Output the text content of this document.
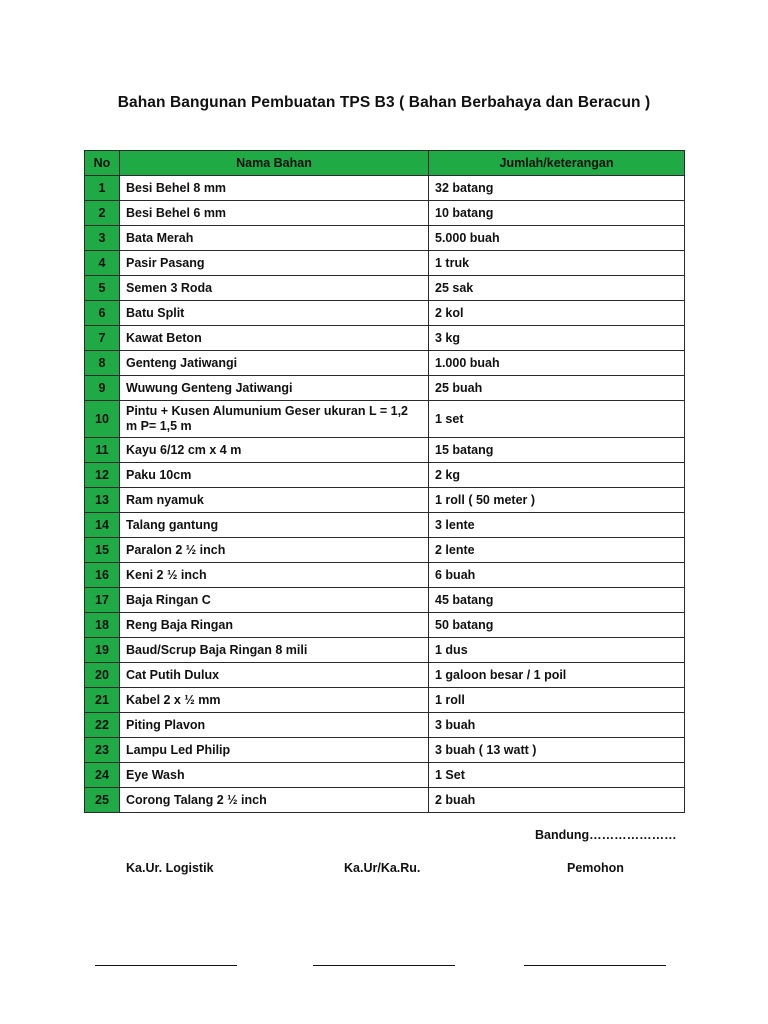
Bahan Bangunan Pembuatan TPS B3 ( Bahan Berbahaya dan Beracun )
No	Nama Bahan	Jumlah/keterangan
1	Besi Behel 8 mm	32 batang
2	Besi Behel 6 mm	10 batang
3	Bata Merah	5.000 buah
4	Pasir Pasang	1 truk
5	Semen 3 Roda	25 sak
6	Batu Split	2 kol
7	Kawat Beton	3 kg
8	Genteng Jatiwangi	1.000 buah
9	Wuwung Genteng Jatiwangi	25 buah
10	Pintu + Kusen Alumunium Geser ukuran L = 1,2 m P= 1,5 m	1 set
11	Kayu 6/12 cm x 4 m	15 batang
12	Paku 10cm	2 kg
13	Ram nyamuk	1 roll ( 50 meter )
14	Talang gantung	3 lente
15	Paralon 2 ½ inch	2 lente
16	Keni 2 ½ inch	6 buah
17	Baja Ringan C	45 batang
18	Reng Baja Ringan	50 batang
19	Baud/Scrup Baja Ringan 8 mili	1 dus
20	Cat Putih Dulux	1 galoon besar / 1 poil
21	Kabel 2 x ½ mm	1 roll
22	Piting Plavon	3 buah
23	Lampu Led Philip	3 buah ( 13 watt )
24	Eye Wash	1 Set
25	Corong Talang 2 ½ inch	2 buah
Bandung…………………
Ka.Ur. Logistik	Ka.Ur/Ka.Ru.	Pemohon
